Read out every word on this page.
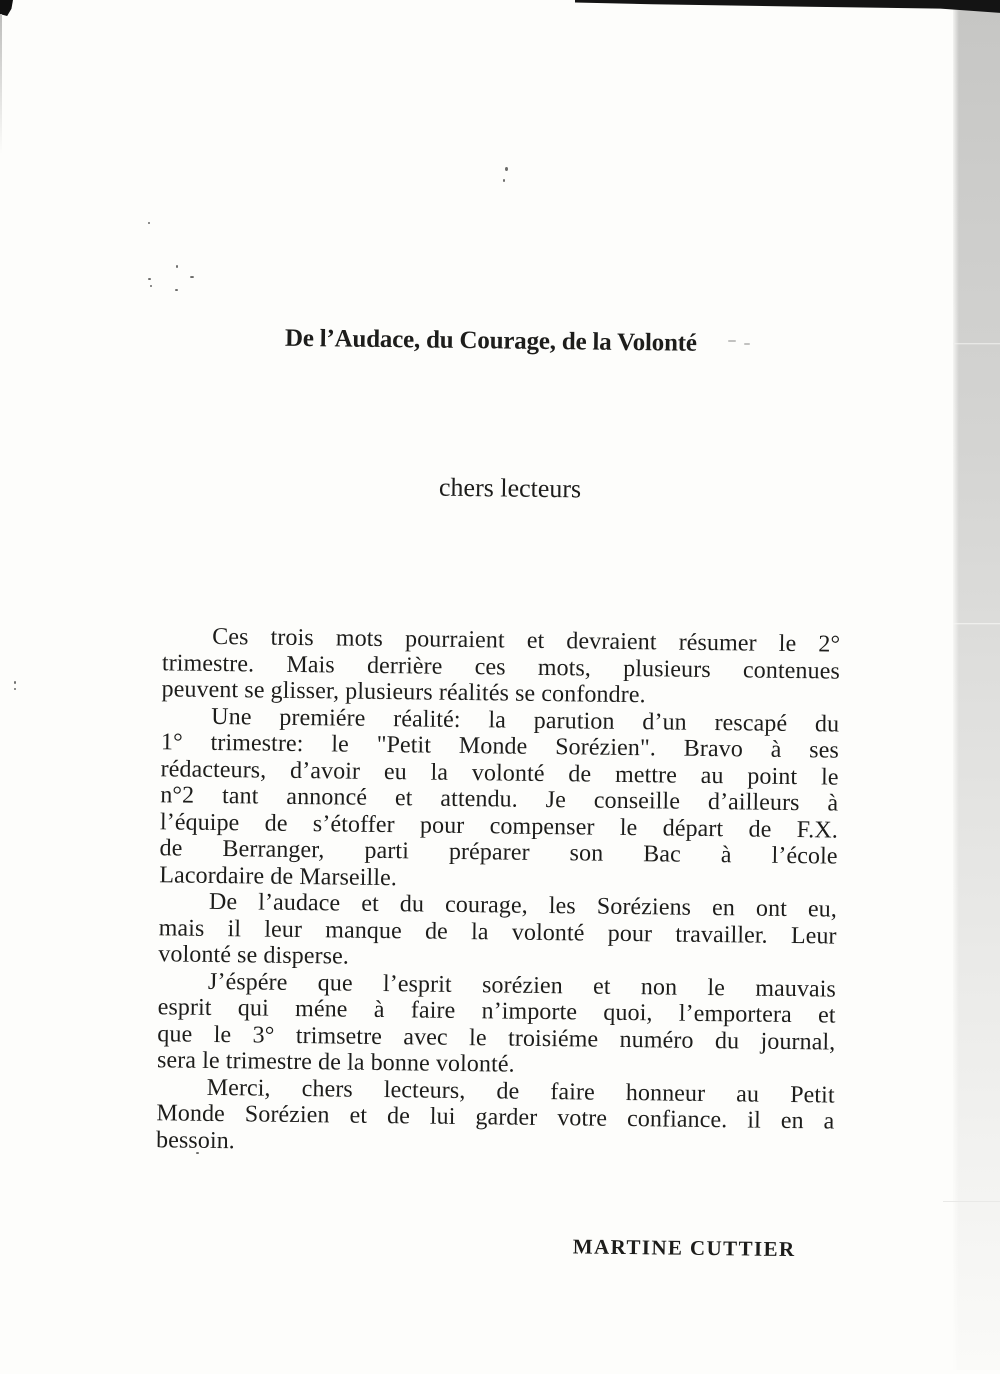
De l’Audace, du Courage, de la Volonté
chers lecteurs
Ces trois mots pourraient et devraient résumer le 2°
trimestre. Mais derrière ces mots, plusieurs contenues
peuvent se glisser, plusieurs réalités se confondre.
Une premiére réalité: la parution d’un rescapé du
1° trimestre: le "Petit Monde Sorézien". Bravo à ses
rédacteurs, d’avoir eu la volonté de mettre au point le
n°2 tant annoncé et attendu. Je conseille d’ailleurs à
l’équipe de s’étoffer pour compenser le départ de F.X.
de Berranger, parti préparer son Bac à l’école
Lacordaire de Marseille.
De l’audace et du courage, les Soréziens en ont eu,
mais il leur manque de la volonté pour travailler. Leur
volonté se disperse.
J’éspére que l’esprit sorézien et non le mauvais
esprit qui méne à faire n’importe quoi, l’emportera et
que le 3° trimsetre avec le troisiéme numéro du journal,
sera le trimestre de la bonne volonté.
Merci, chers lecteurs, de faire honneur au Petit
Monde Sorézien et de lui garder votre confiance. il en a
bessoin.
MARTINE CUTTIER
